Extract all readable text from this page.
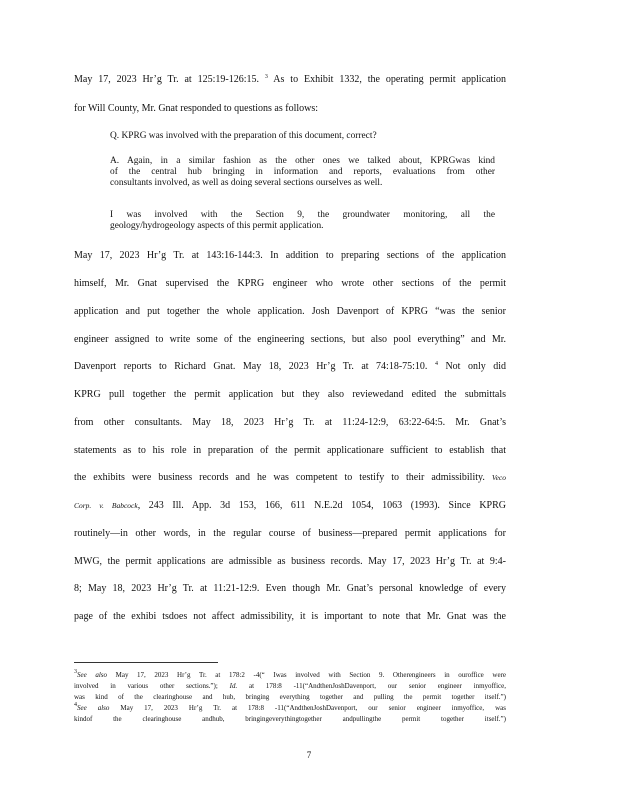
May 17, 2023 Hr’g Tr. at 125:19-126:15. $^3$ As to Exhibit 1332, the operating permit application
for Will County, Mr. Gnat responded to questions as follows:
Q. KPRG was involved with the preparation of this document, correct?
A. Again, in a similar fashion as the other ones we talked about, KPRGwas kind
of the central hub bringing in information and reports, evaluations from other
consultants involved, as well as doing several sections ourselves as well.
I was involved with the Section 9, the groundwater monitoring, all the
geology/hydrogeology aspects of this permit application.
May 17, 2023 Hr’g Tr. at 143:16-144:3. In addition to preparing sections of the application
himself, Mr. Gnat supervised the KPRG engineer who wrote other sections of the permit
application and put together the whole application. Josh Davenport of KPRG “was the senior
engineer assigned to write some of the engineering sections, but also pool everything” and Mr.
Davenport reports to Richard Gnat. May 18, 2023 Hr’g Tr. at 74:18-75:10. $^4$ Not only did
KPRG pull together the permit application but they also reviewedand edited the submittals
from other consultants. May 18, 2023 Hr’g Tr. at 11:24-12:9, 63:22-64:5. Mr. Gnat’s
statements as to his role in preparation of the permit applicationare sufficient to establish that
the exhibits were business records and he was competent to testify to their admissibility. Veco
Corp. v. Babcock, 243 Ill. App. 3d 153, 166, 611 N.E.2d 1054, 1063 (1993). Since KPRG
routinely—in other words, in the regular course of business—prepared permit applications for
MWG, the permit applications are admissible as business records. May 17, 2023 Hr’g Tr. at 9:4-
8; May 18, 2023 Hr’g Tr. at 11:21-12:9. Even though Mr. Gnat’s personal knowledge of every
page of the exhibi tsdoes not affect admissibility, it is important to note that Mr. Gnat was the
$^3$See also May 17, 2023 Hr’g Tr. at 178:2 -4(“ Iwas involved with Section 9. Otherengineers in ouroffice were
involved in various other sections.”); Id. at 178:8 -11(“AndthenJoshDavenport, our senior engineer inmyoffice,
was kind of the clearinghouse and hub, bringing everything together and pulling the permit together itself.”)
$^4$See also May 17, 2023 Hr’g Tr. at 178:8 -11(“AndthenJoshDavenport, our senior engineer inmyoffice, was
kindof the clearinghouse andhub, bringingeverythingtogether andpullingthe permit together itself.”)
7
